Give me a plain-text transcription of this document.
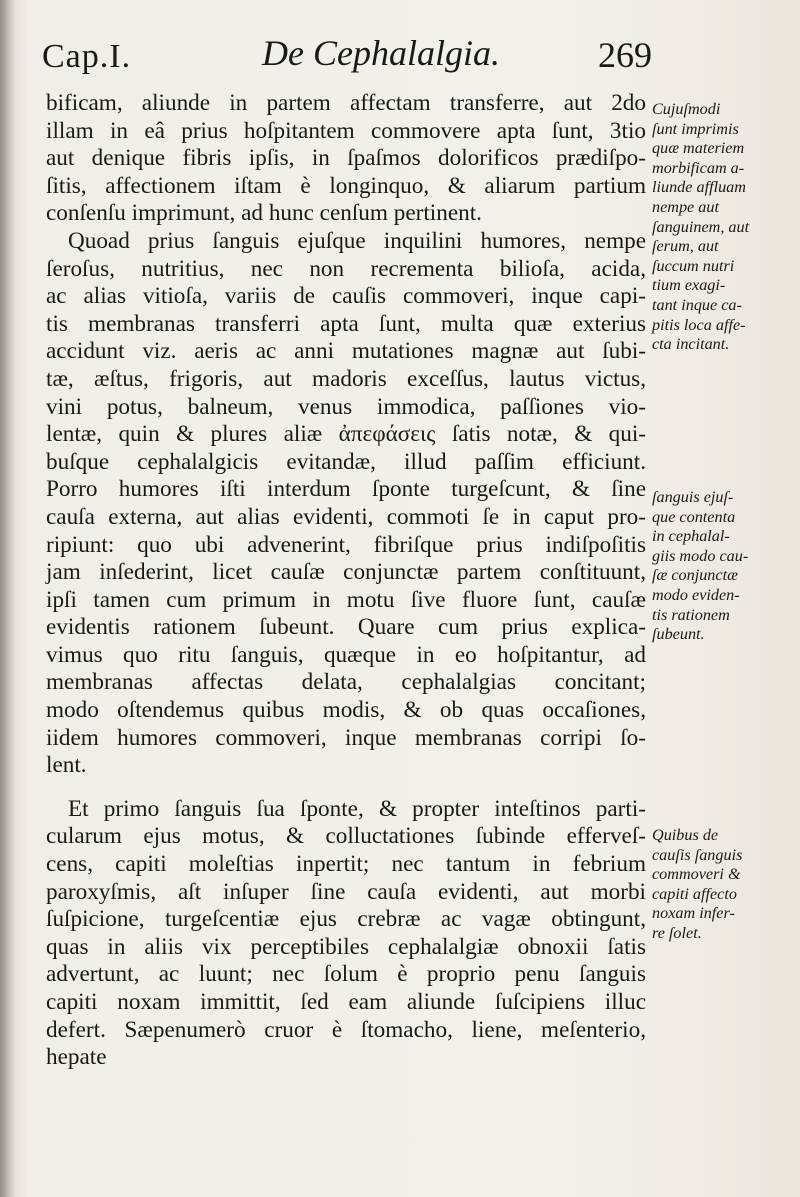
Cap.I.	De Cephalalgia.	269
bificam, aliunde in partem affectam transferre, aut 2do
illam in eâ prius hoſpitantem commovere apta ſunt, 3tio
aut denique fibris ipſis, in ſpaſmos dolorificos prædiſpo-
ſitis, affectionem iſtam è longinquo, & aliarum partium
conſenſu imprimunt, ad hunc cenſum pertinent.
Quoad prius ſanguis ejuſque inquilini humores, nempe
ſeroſus, nutritius, nec non recrementa bilioſa, acida,
ac alias vitioſa, variis de cauſis commoveri, inque capi-
tis membranas transferri apta ſunt, multa quæ exterius
accidunt viz. aeris ac anni mutationes magnæ aut ſubi-
tæ, æſtus, frigoris, aut madoris exceſſus, lautus victus,
vini potus, balneum, venus immodica, paſſiones vio-
lentæ, quin & plures aliæ ἀπεφάσεις ſatis notæ, & qui-
buſque cephalalgicis evitandæ, illud paſſim efficiunt.
Porro humores iſti interdum ſponte turgeſcunt, & ſine
cauſa externa, aut alias evidenti, commoti ſe in caput pro-
ripiunt: quo ubi advenerint, fibriſque prius indiſpoſitis
jam inſederint, licet cauſæ conjunctæ partem conſtituunt,
ipſi tamen cum primum in motu ſive fluore ſunt, cauſæ
evidentis rationem ſubeunt. Quare cum prius explica-
vimus quo ritu ſanguis, quæque in eo hoſpitantur, ad
membranas affectas delata, cephalalgias concitant;
modo oſtendemus quibus modis, & ob quas occaſiones,
iidem humores commoveri, inque membranas corripi ſo-
lent.
Et primo ſanguis ſua ſponte, & propter inteſtinos parti-
cularum ejus motus, & colluctationes ſubinde efferveſ-
cens, capiti moleſtias inpertit; nec tantum in febrium
paroxyſmis, aſt inſuper ſine cauſa evidenti, aut morbi
ſuſpicione, turgeſcentiæ ejus crebræ ac vagæ obtingunt,
quas in aliis vix perceptibiles cephalalgiæ obnoxii ſatis
advertunt, ac luunt; nec ſolum è proprio penu ſanguis
capiti noxam immittit, ſed eam aliunde ſuſcipiens illuc
defert. Sæpenumerò cruor è ſtomacho, liene, meſenterio,
hepate
Cujuſmodi
ſunt imprimis
quæ materiem
morbificam a-
liunde affluam
nempe aut
ſanguinem, aut
ſerum, aut
ſuccum nutri
tium exagi-
tant inque ca-
pitis loca affe-
cta incitant.
ſanguis ejuſ-
que contenta
in cephalal-
giis modo cau-
ſæ conjunctæ
modo eviden-
tis rationem
ſubeunt.
Quibus de
cauſis ſanguis
commoveri &
capiti affecto
noxam infer-
re ſolet.
